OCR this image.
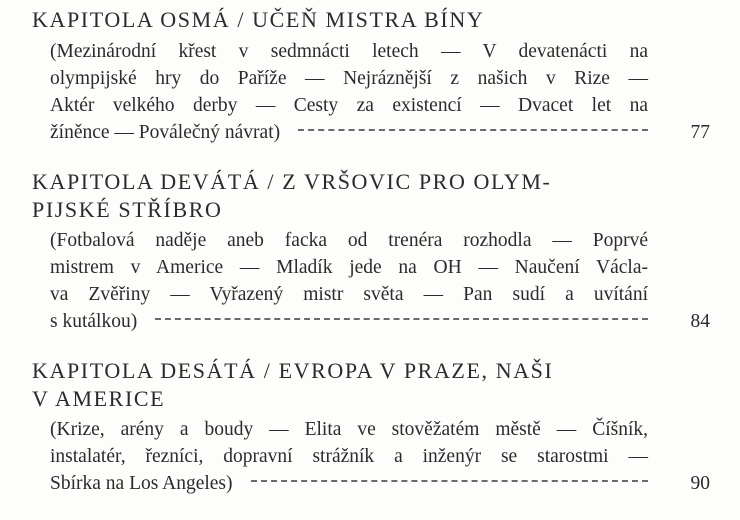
KAPITOLA OSMÁ / UČEŇ MISTRA BÍNY
(Mezinárodní křest v sedmnácti letech — V devatenácti na
olympijské hry do Paříže — Nejráznější z našich v Rize —
Aktér velkého derby — Cesty za existencí — Dvacet let na
žíněnce — Poválečný návrat)	77
KAPITOLA DEVÁTÁ / Z VRŠOVIC PRO OLYM-
PIJSKÉ STŘÍBRO
(Fotbalová naděje aneb facka od trenéra rozhodla — Poprvé
mistrem v Americe — Mladík jede na OH — Naučení Václa-
va Zvěřiny — Vyřazený mistr světa — Pan sudí a uvítání
s kutálkou)	84
KAPITOLA DESÁTÁ / EVROPA V PRAZE, NAŠI
V AMERICE
(Krize, arény a boudy — Elita ve stověžatém městě — Číšník,
instalatér, řezníci, dopravní strážník a inženýr se starostmi —
Sbírka na Los Angeles)	90
